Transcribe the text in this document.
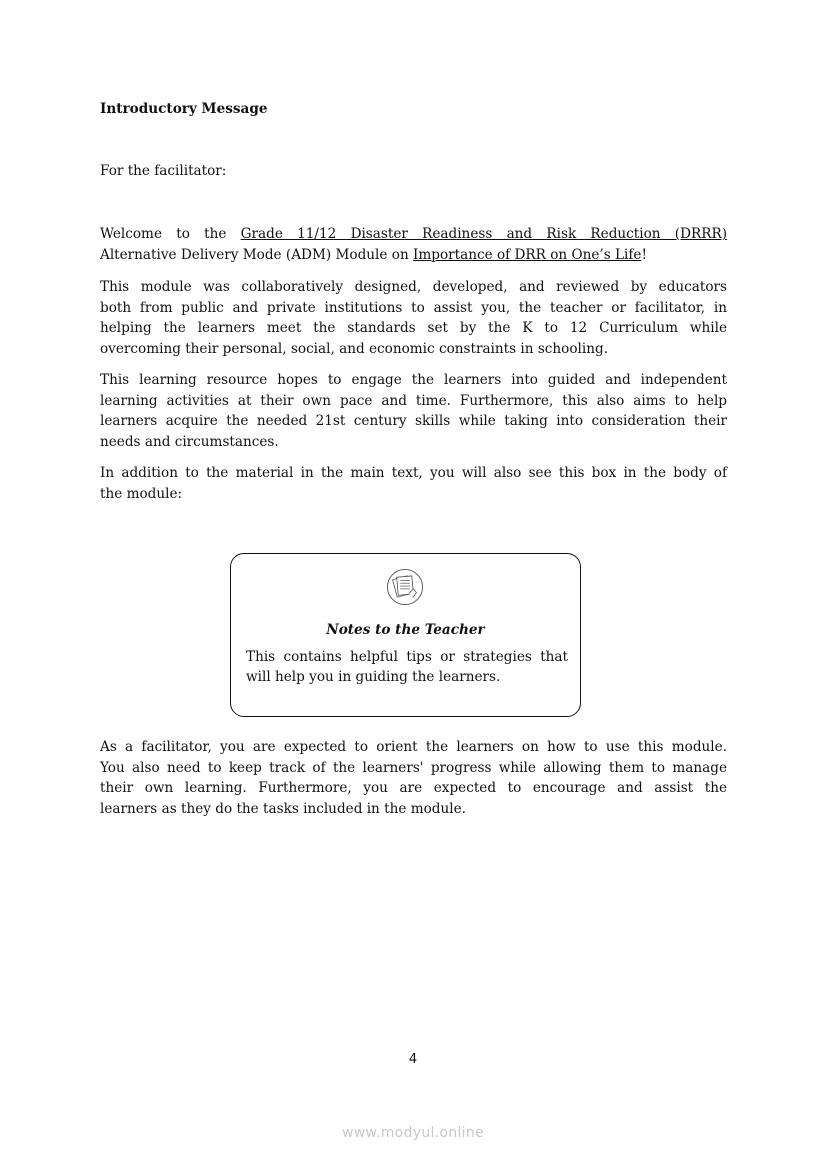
Introductory Message
For the facilitator:
Welcome to the Grade 11/12 Disaster Readiness and Risk Reduction (DRRR)
Alternative Delivery Mode (ADM) Module on Importance of DRR on One’s Life!
This module was collaboratively designed, developed, and reviewed by educators
both from public and private institutions to assist you, the teacher or facilitator, in
helping the learners meet the standards set by the K to 12 Curriculum while
overcoming their personal, social, and economic constraints in schooling.
This learning resource hopes to engage the learners into guided and independent
learning activities at their own pace and time. Furthermore, this also aims to help
learners acquire the needed 21st century skills while taking into consideration their
needs and circumstances.
In addition to the material in the main text, you will also see this box in the body of
the module:
Notes to the Teacher
This contains helpful tips or strategies that
will help you in guiding the learners.
As a facilitator, you are expected to orient the learners on how to use this module.
You also need to keep track of the learners' progress while allowing them to manage
their own learning. Furthermore, you are expected to encourage and assist the
learners as they do the tasks included in the module.
4
www.modyul.online
